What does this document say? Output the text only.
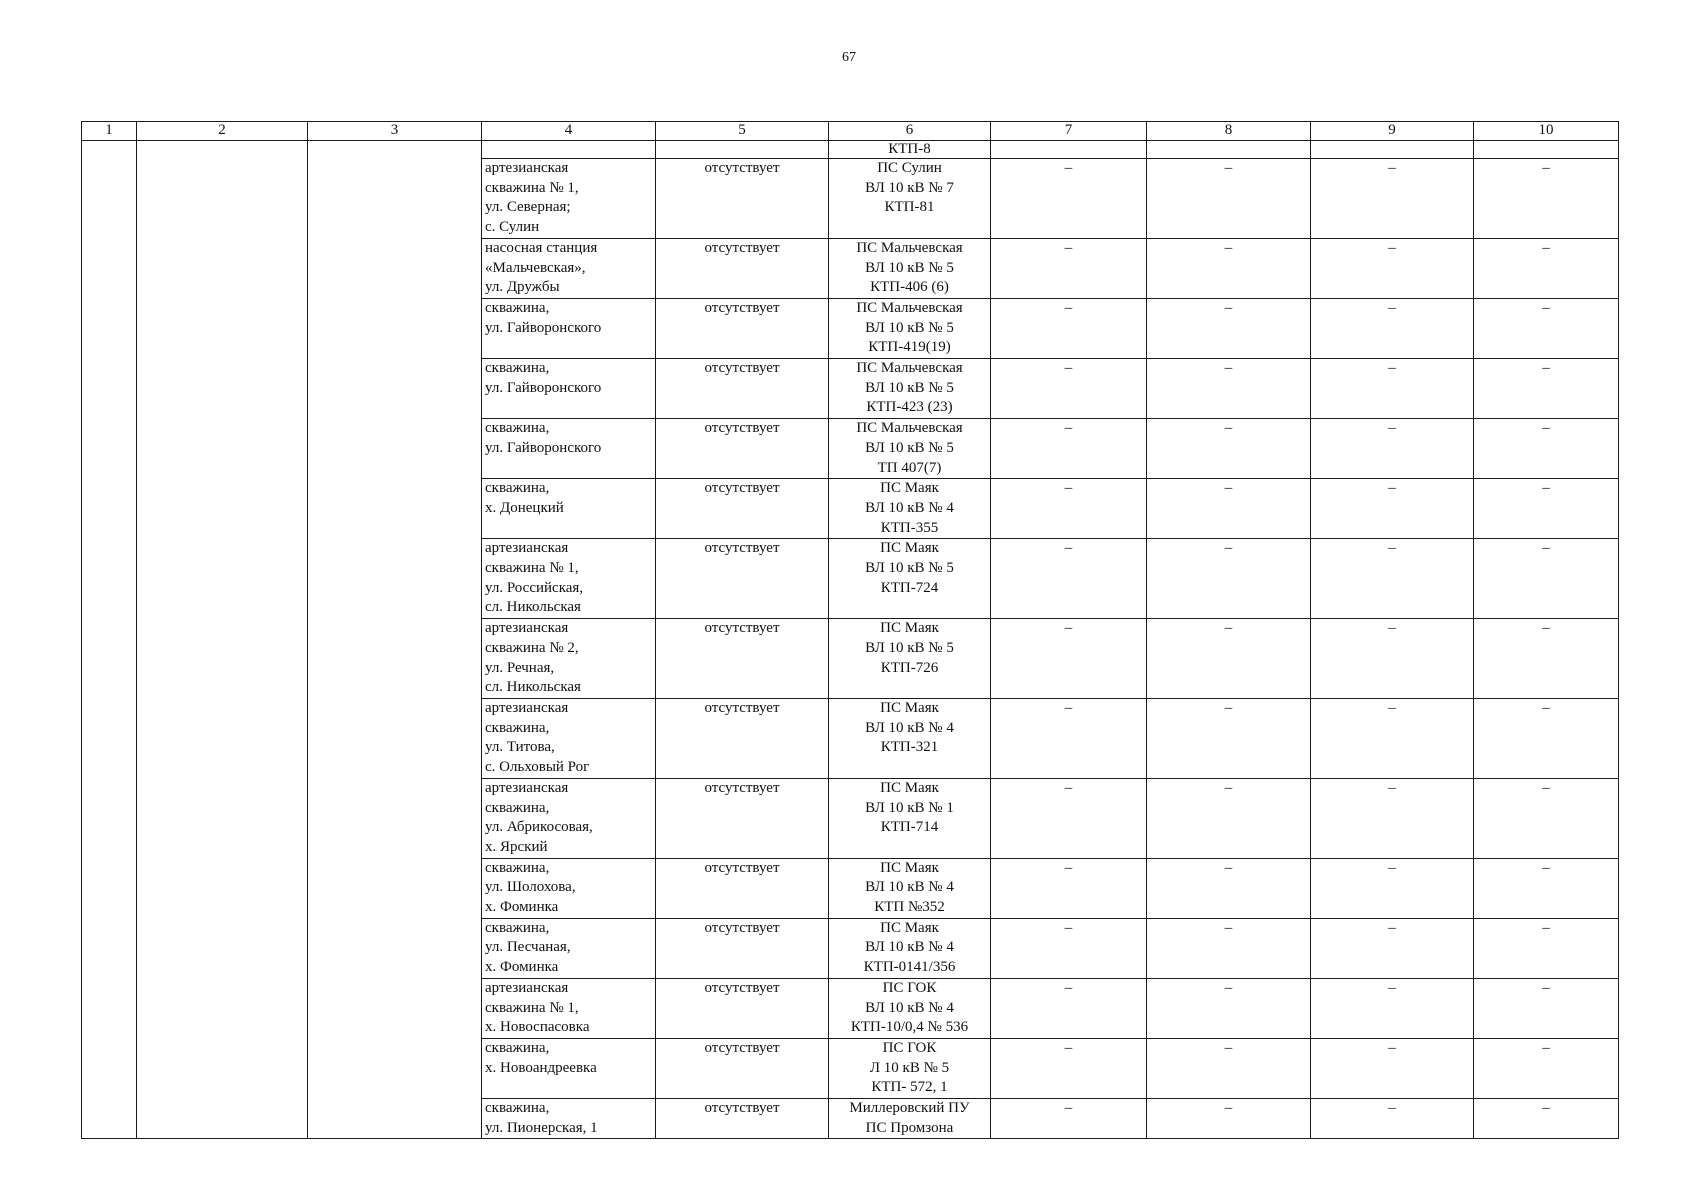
67
1	2	3	4	5	6	7	8	9	10
					КТП-8				
			артезианская
скважина № 1,
ул. Северная;
с. Сулин	отсутствует	ПС Сулин
ВЛ 10 кВ № 7
КТП-81	–	–	–	–
			насосная станция
«Мальчевская»,
ул. Дружбы	отсутствует	ПС Мальчевская
ВЛ 10 кВ № 5
КТП-406 (6)	–	–	–	–
			скважина,
ул. Гайворонского	отсутствует	ПС Мальчевская
ВЛ 10 кВ № 5
КТП-419(19)	–	–	–	–
			скважина,
ул. Гайворонского	отсутствует	ПС Мальчевская
ВЛ 10 кВ № 5
КТП-423 (23)	–	–	–	–
			скважина,
ул. Гайворонского	отсутствует	ПС Мальчевская
ВЛ 10 кВ № 5
ТП 407(7)	–	–	–	–
			скважина,
х. Донецкий	отсутствует	ПС Маяк
ВЛ 10 кВ № 4
КТП-355	–	–	–	–
			артезианская
скважина № 1,
ул. Российская,
сл. Никольская	отсутствует	ПС Маяк
ВЛ 10 кВ № 5
КТП-724	–	–	–	–
			артезианская
скважина № 2,
ул. Речная,
сл. Никольская	отсутствует	ПС Маяк
ВЛ 10 кВ № 5
КТП-726	–	–	–	–
			артезианская
скважина,
ул. Титова,
с. Ольховый Рог	отсутствует	ПС Маяк
ВЛ 10 кВ № 4
КТП-321	–	–	–	–
			артезианская
скважина,
ул. Абрикосовая,
х. Ярский	отсутствует	ПС Маяк
ВЛ 10 кВ № 1
КТП-714	–	–	–	–
			скважина,
ул. Шолохова,
х. Фоминка	отсутствует	ПС Маяк
ВЛ 10 кВ № 4
КТП №352	–	–	–	–
			скважина,
ул. Песчаная,
х. Фоминка	отсутствует	ПС Маяк
ВЛ 10 кВ № 4
КТП-0141/356	–	–	–	–
			артезианская
скважина № 1,
х. Новоспасовка	отсутствует	ПС ГОК
ВЛ 10 кВ № 4
КТП-10/0,4 № 536	–	–	–	–
			скважина,
х. Новоандреевка	отсутствует	ПС ГОК
Л 10 кВ № 5
КТП- 572, 1	–	–	–	–
			скважина,
ул. Пионерская, 1	отсутствует	Миллеровский ПУ
ПС Промзона	–	–	–	–
